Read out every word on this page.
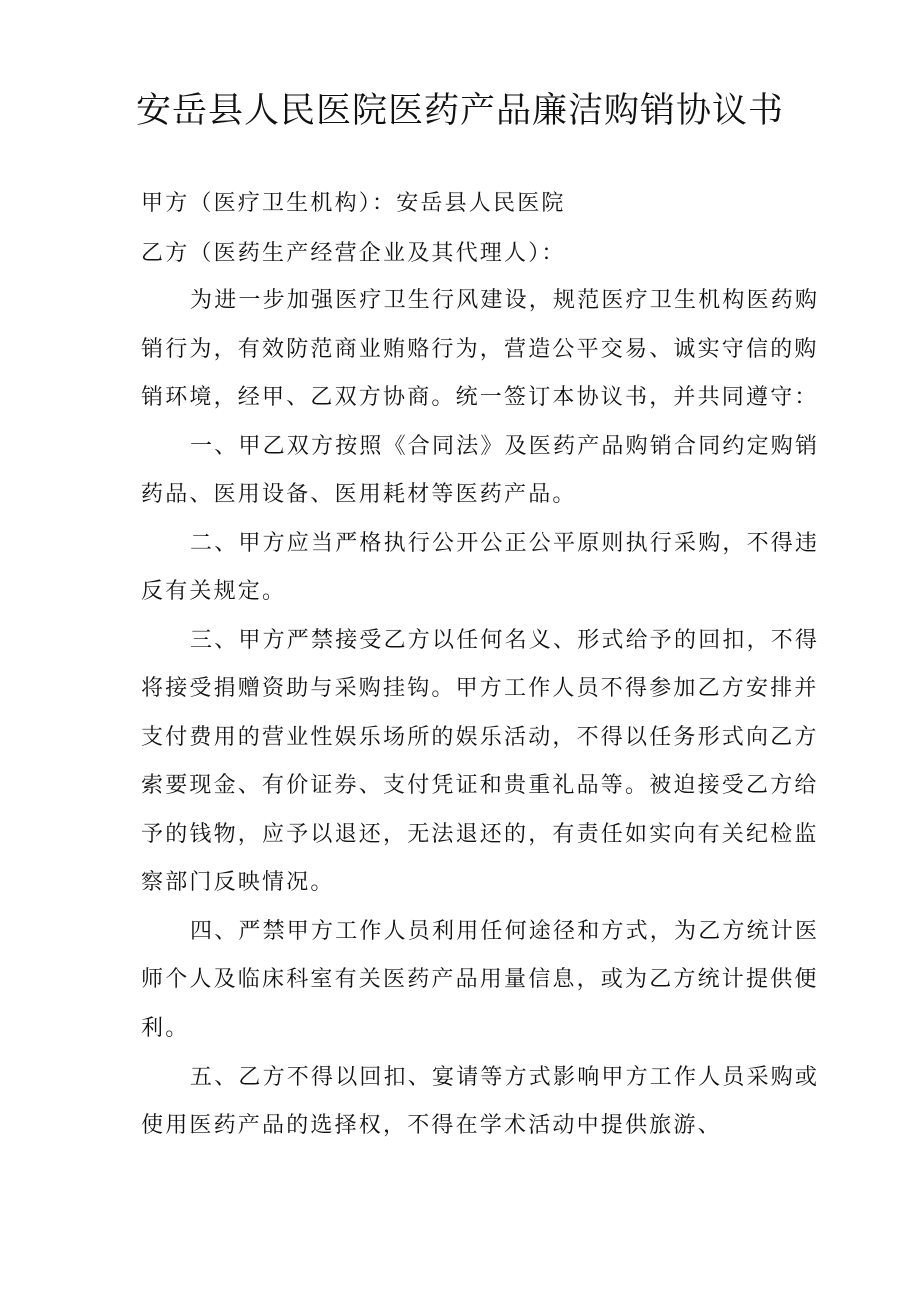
安岳县人民医院医药产品廉洁购销协议书
甲方（医疗卫生机构）：安岳县人民医院
乙方（医药生产经营企业及其代理人）：
为进一步加强医疗卫生行风建设，规范医疗卫生机构医药购
销行为，有效防范商业贿赂行为，营造公平交易、诚实守信的购
销环境，经甲、乙双方协商。统一签订本协议书，并共同遵守：
一、甲乙双方按照《合同法》及医药产品购销合同约定购销
药品、医用设备、医用耗材等医药产品。
二、甲方应当严格执行公开公正公平原则执行采购，不得违
反有关规定。
三、甲方严禁接受乙方以任何名义、形式给予的回扣，不得
将接受捐赠资助与采购挂钩。甲方工作人员不得参加乙方安排并
支付费用的营业性娱乐场所的娱乐活动，不得以任务形式向乙方
索要现金、有价证券、支付凭证和贵重礼品等。被迫接受乙方给
予的钱物，应予以退还，无法退还的，有责任如实向有关纪检监
察部门反映情况。
四、严禁甲方工作人员利用任何途径和方式，为乙方统计医
师个人及临床科室有关医药产品用量信息，或为乙方统计提供便
利。
五、乙方不得以回扣、宴请等方式影响甲方工作人员采购或
使用医药产品的选择权，不得在学术活动中提供旅游、
